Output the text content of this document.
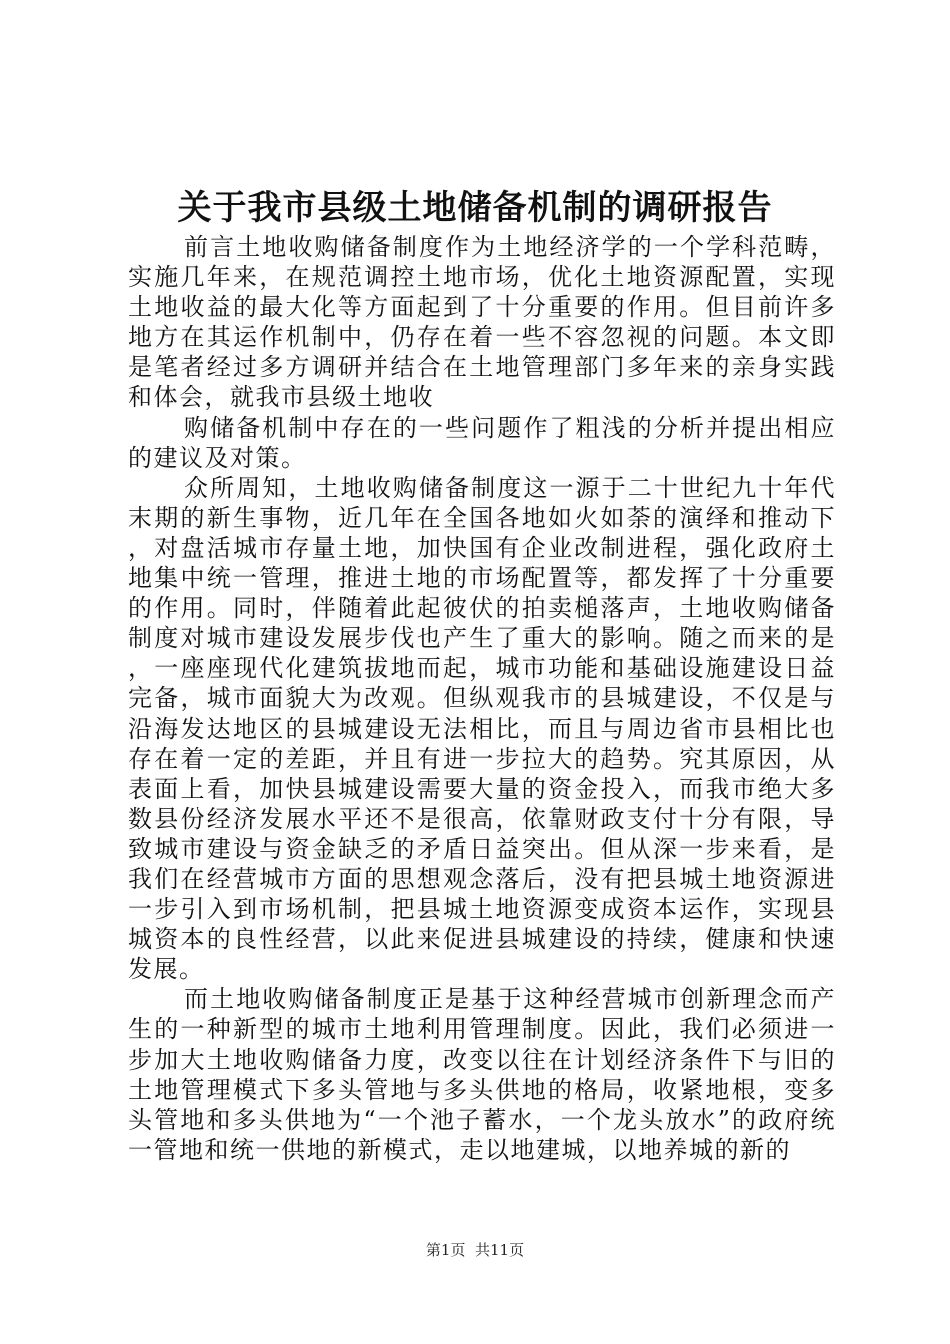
关于我市县级土地储备机制的调研报告

前言土地收购储备制度作为土地经济学的一个学科范畴，实施几年来，在规范调控土地市场，优化土地资源配置，实现土地收益的最大化等方面起到了十分重要的作用。但目前许多地方在其运作机制中，仍存在着一些不容忽视的问题。本文即是笔者经过多方调研并结合在土地管理部门多年来的亲身实践和体会，就我市县级土地收

购储备机制中存在的一些问题作了粗浅的分析并提出相应的建议及对策。

众所周知，土地收购储备制度这一源于二十世纪九十年代末期的新生事物，近几年在全国各地如火如荼的演绎和推动下，对盘活城市存量土地，加快国有企业改制进程，强化政府土地集中统一管理，推进土地的市场配置等，都发挥了十分重要的作用。同时，伴随着此起彼伏的拍卖槌落声，土地收购储备制度对城市建设发展步伐也产生了重大的影响。随之而来的是，一座座现代化建筑拔地而起，城市功能和基础设施建设日益完备，城市面貌大为改观。但纵观我市的县城建设，不仅是与沿海发达地区的县城建设无法相比，而且与周边省市县相比也存在着一定的差距，并且有进一步拉大的趋势。究其原因，从表面上看，加快县城建设需要大量的资金投入，而我市绝大多数县份经济发展水平还不是很高，依靠财政支付十分有限，导致城市建设与资金缺乏的矛盾日益突出。但从深一步来看，是我们在经营城市方面的思想观念落后，没有把县城土地资源进一步引入到市场机制，把县城土地资源变成资本运作，实现县城资本的良性经营，以此来促进县城建设的持续，健康和快速发展。

而土地收购储备制度正是基于这种经营城市创新理念而产生的一种新型的城市土地利用管理制度。因此，我们必须进一步加大土地收购储备力度，改变以往在计划经济条件下与旧的土地管理模式下多头管地与多头供地的格局，收紧地根，变多头管地和多头供地为“一个池子蓄水，一个龙头放水”的政府统一管地和统一供地的新模式，走以地建城，以地养城的新的

第1页 共11页
